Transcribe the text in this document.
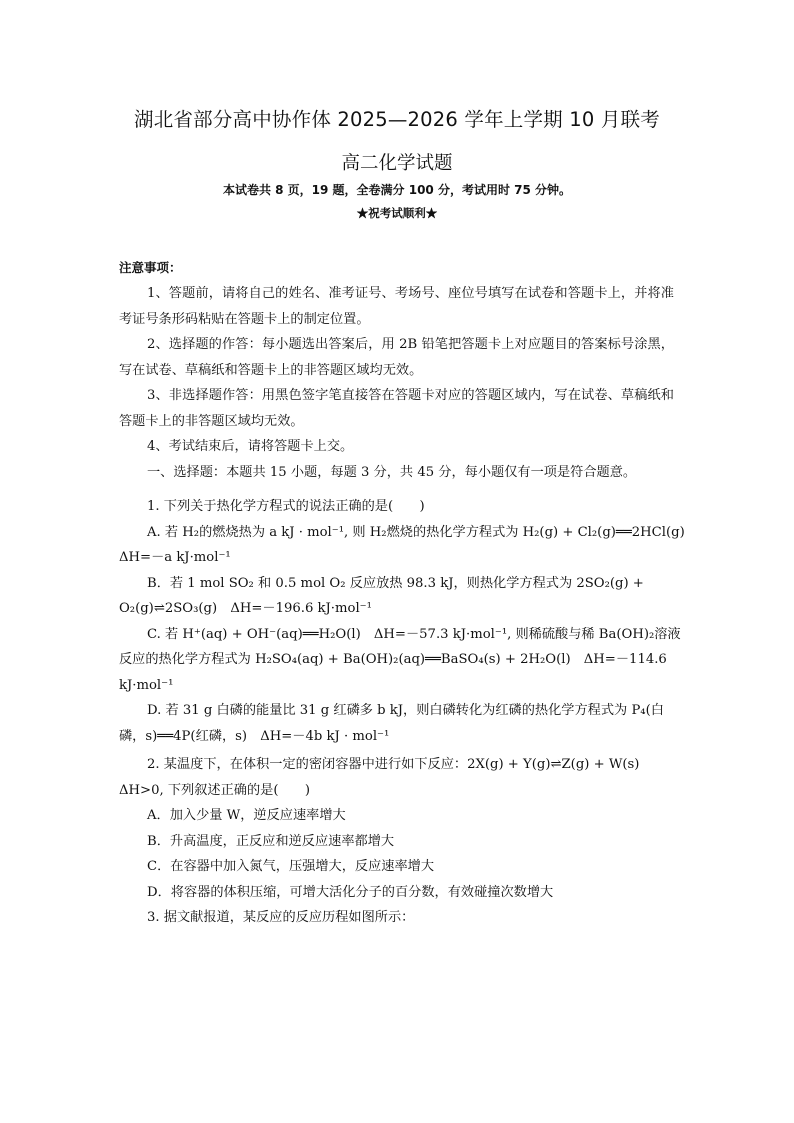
湖北省部分高中协作体 2025—2026 学年上学期 10 月联考
高二化学试题
本试卷共 8 页，19 题，全卷满分 100 分，考试用时 75 分钟。
★祝考试顺利★
注意事项：

1、答题前，请将自己的姓名、准考证号、考场号、座位号填写在试卷和答题卡上，并将准考证号条形码粘贴在答题卡上的制定位置。

2、选择题的作答：每小题选出答案后，用 2B 铅笔把答题卡上对应题目的答案标号涂黑，写在试卷、草稿纸和答题卡上的非答题区域均无效。

3、非选择题作答：用黑色签字笔直接答在答题卡对应的答题区域内，写在试卷、草稿纸和答题卡上的非答题区域均无效。

4、考试结束后，请将答题卡上交。

一、选择题：本题共 15 小题，每题 3 分，共 45 分，每小题仅有一项是符合题意。

1. 下列关于热化学方程式的说法正确的是(　　)

A. 若 H₂的燃烧热为 a kJ · mol⁻¹, 则 H₂燃烧的热化学方程式为 H₂(g) + Cl₂(g)══2HCl(g)

ΔH=－a kJ·mol⁻¹

B．若 1 mol SO₂ 和 0.5 mol O₂ 反应放热 98.3 kJ，则热化学方程式为 2SO₂(g) +

O₂(g)⇌2SO₃(g)　ΔH=－196.6 kJ·mol⁻¹

C. 若 H⁺(aq) + OH⁻(aq)══H₂O(l)　ΔH=－57.3 kJ·mol⁻¹, 则稀硫酸与稀 Ba(OH)₂溶液

反应的热化学方程式为 H₂SO₄(aq) + Ba(OH)₂(aq)══BaSO₄(s) + 2H₂O(l)　ΔH=－114.6

kJ·mol⁻¹

D. 若 31 g 白磷的能量比 31 g 红磷多 b kJ，则白磷转化为红磷的热化学方程式为 P₄(白

磷，s)══4P(红磷，s)　ΔH=－4b kJ · mol⁻¹

2. 某温度下，在体积一定的密闭容器中进行如下反应：2X(g) + Y(g)⇌Z(g) + W(s)

ΔH>0, 下列叙述正确的是(　　)

A．加入少量 W，逆反应速率增大

B．升高温度，正反应和逆反应速率都增大

C．在容器中加入氮气，压强增大，反应速率增大

D．将容器的体积压缩，可增大活化分子的百分数，有效碰撞次数增大

3. 据文献报道，某反应的反应历程如图所示：
